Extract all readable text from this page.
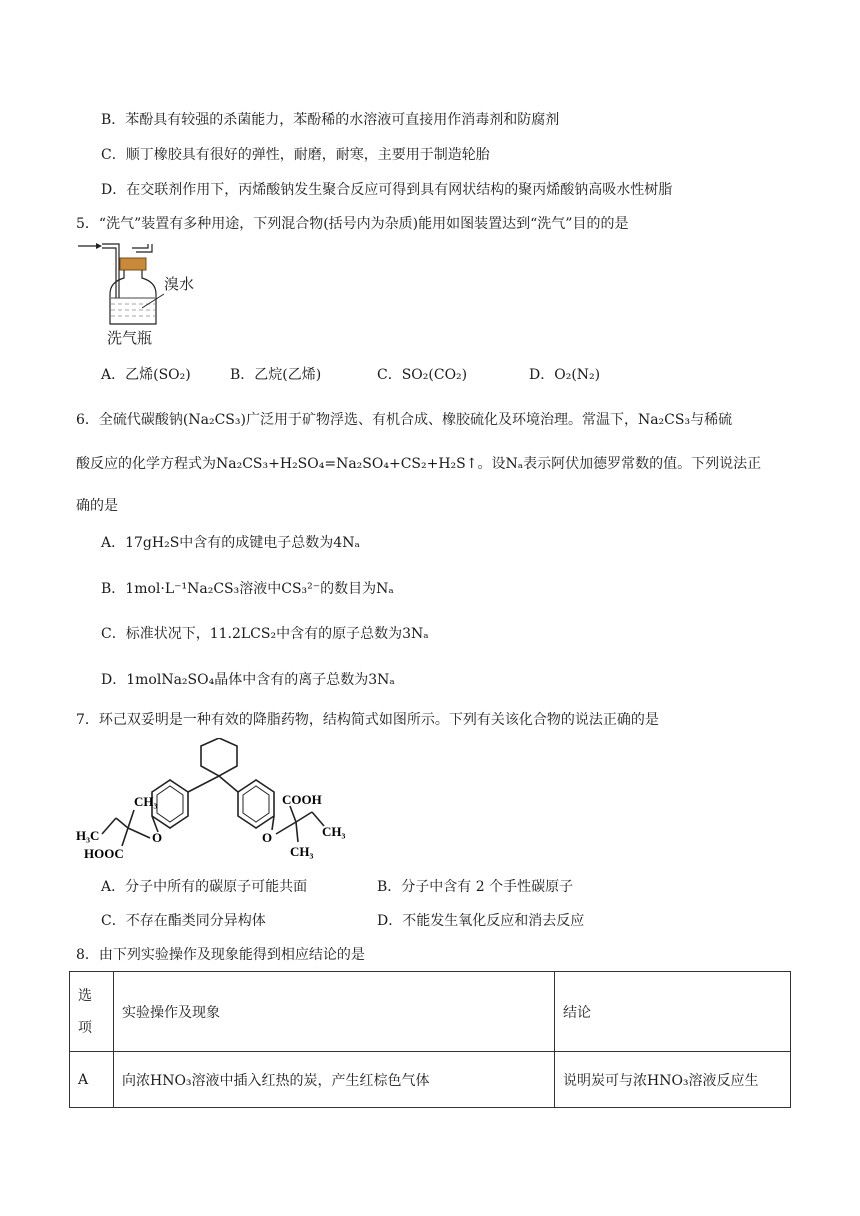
B．苯酚具有较强的杀菌能力，苯酚稀的水溶液可直接用作消毒剂和防腐剂
C．顺丁橡胶具有很好的弹性，耐磨，耐寒，主要用于制造轮胎
D．在交联剂作用下，丙烯酸钠发生聚合反应可得到具有网状结构的聚丙烯酸钠高吸水性树脂
5．“洗气”装置有多种用途，下列混合物(括号内为杂质)能用如图装置达到“洗气”目的的是
溴水
洗气瓶
A．乙烯(SO₂)	B．乙烷(乙烯)	C．SO₂(CO₂)	D．O₂(N₂)
6．全硫代碳酸钠(Na₂CS₃)广泛用于矿物浮选、有机合成、橡胶硫化及环境治理。常温下，Na₂CS₃与稀硫
酸反应的化学方程式为Na₂CS₃+H₂SO₄=Na₂SO₄+CS₂+H₂S↑。设Nₐ表示阿伏加德罗常数的值。下列说法正
确的是
A．17gH₂S中含有的成键电子总数为4Nₐ
B．1mol·L⁻¹Na₂CS₃溶液中CS₃²⁻的数目为Nₐ
C．标准状况下，11.2LCS₂中含有的原子总数为3Nₐ
D．1molNa₂SO₄晶体中含有的离子总数为3Nₐ
7．环己双妥明是一种有效的降脂药物，结构简式如图所示。下列有关该化合物的说法正确的是
CH₃
H₃C
HOOC
O
COOH
O	CH₃
CH₃
A．分子中所有的碳原子可能共面	B．分子中含有 2 个手性碳原子
C．不存在酯类同分异构体	D．不能发生氧化反应和消去反应
8．由下列实验操作及现象能得到相应结论的是
选
项	实验操作及现象	结论
A	向浓HNO₃溶液中插入红热的炭，产生红棕色气体	说明炭可与浓HNO₃溶液反应生
